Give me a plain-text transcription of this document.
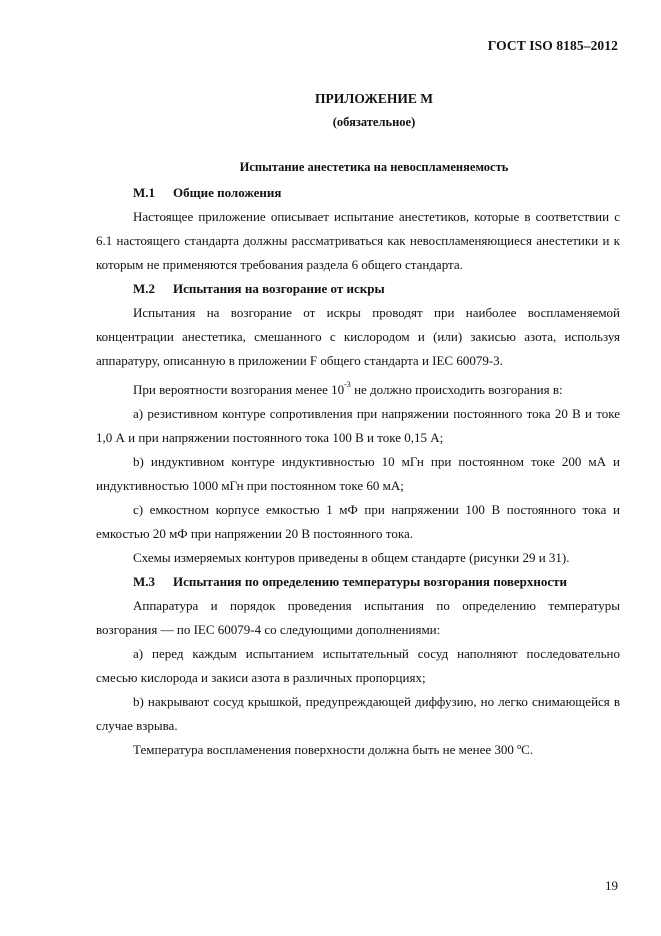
ГОСТ ISO 8185–2012
ПРИЛОЖЕНИЕ М
(обязательное)
Испытание анестетика на невоспламеняемость
М.1 Общие положения

Настоящее приложение описывает испытание анестетиков, которые в соответствии с 6.1 настоящего стандарта должны рассматриваться как невоспламеняющиеся анестетики и к которым не применяются требования раздела 6 общего стандарта.

М.2 Испытания на возгорание от искры

Испытания на возгорание от искры проводят при наиболее воспламеняемой концентрации анестетика, смешанного с кислородом и (или) закисью азота, используя аппаратуру, описанную в приложении F общего стандарта и IEC 60079-3.

При вероятности возгорания менее $10^{-3}$ не должно происходить возгорания в:

a) резистивном контуре сопротивления при напряжении постоянного тока 20 В и токе 1,0 А и при напряжении постоянного тока 100 В и токе 0,15 А;

b) индуктивном контуре индуктивностью 10 мГн при постоянном токе 200 мА и индуктивностью 1000 мГн при постоянном токе 60 мА;

c) емкостном корпусе емкостью 1 мФ при напряжении 100 В постоянного тока и емкостью 20 мФ при напряжении 20 В постоянного тока.

Схемы измеряемых контуров приведены в общем стандарте (рисунки 29 и 31).

М.3 Испытания по определению температуры возгорания поверхности

Аппаратура и порядок проведения испытания по определению температуры возгорания — по IEC 60079-4 со следующими дополнениями:

a) перед каждым испытанием испытательный сосуд наполняют последовательно смесью кислорода и закиси азота в различных пропорциях;

b) накрывают сосуд крышкой, предупреждающей диффузию, но легко снимающейся в случае взрыва.

Температура воспламенения поверхности должна быть не менее 300 ºС.

19
